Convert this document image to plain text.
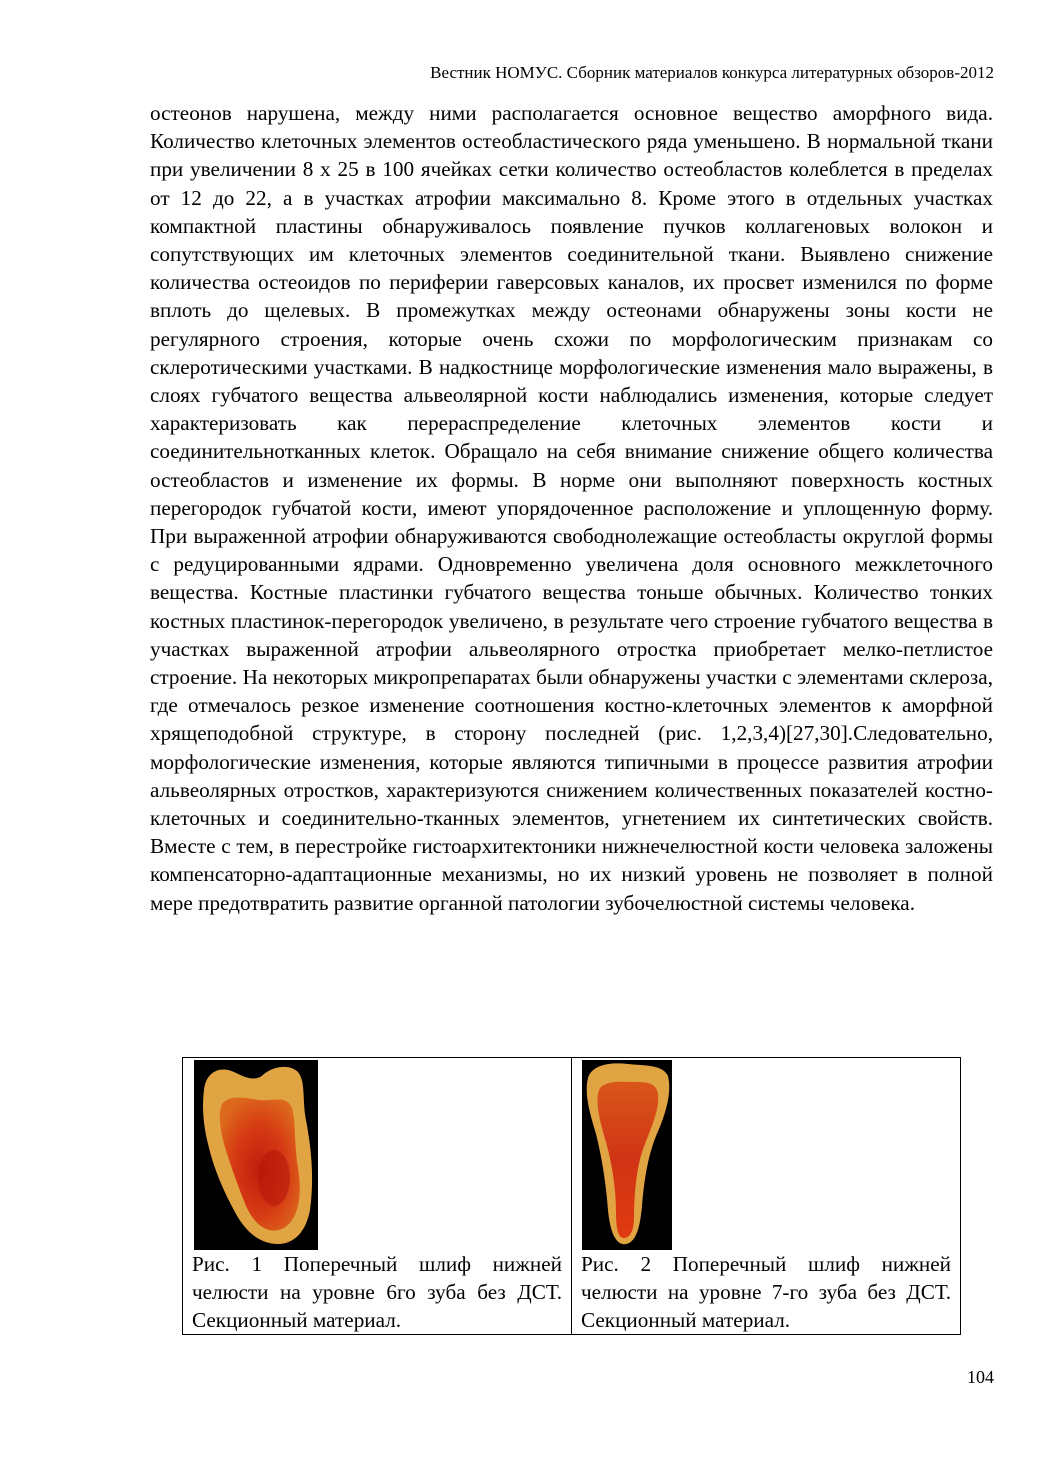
Вестник НОМУС. Сборник материалов конкурса литературных обзоров-2012

остеонов нарушена, между ними располагается основное вещество аморфного вида. Количество клеточных элементов остеобластического ряда уменьшено. В нормальной ткани при увеличении 8 х 25 в 100 ячейках сетки количество остеобластов колеблется в пределах от 12 до 22, а в участках атрофии максимально 8. Кроме этого в отдельных участках компактной пластины обнаруживалось появление пучков коллагеновых волокон и сопутствующих им клеточных элементов соединительной ткани. Выявлено снижение количества остеоидов по периферии гаверсовых каналов, их просвет изменился по форме вплоть до щелевых. В промежутках между остеонами обнаружены зоны кости не регулярного строения, которые очень схожи по морфологическим признакам со склеротическими участками. В надкостнице морфологические изменения мало выражены, в слоях губчатого вещества альвеолярной кости наблюдались изменения, которые следует характеризовать как перераспределение клеточных элементов кости и соединительнотканных клеток. Обращало на себя внимание снижение общего количества остеобластов и изменение их формы. В норме они выполняют поверхность костных перегородок губчатой кости, имеют упорядоченное расположение и уплощенную форму. При выраженной атрофии обнаруживаются свободнолежащие остеобласты округлой формы с редуцированными ядрами. Одновременно увеличена доля основного межклеточного вещества. Костные пластинки губчатого вещества тоньше обычных. Количество тонких костных пластинок-перегородок увеличено, в результате чего строение губчатого вещества в участках выраженной атрофии альвеолярного отростка приобретает мелко-петлистое строение. На некоторых микропрепаратах были обнаружены участки с элементами склероза, где отмечалось резкое изменение соотношения костно-клеточных элементов к аморфной хрящеподобной структуре, в сторону последней (рис. 1,2,3,4)[27,30].Следовательно, морфологические изменения, которые являются типичными в процессе развития атрофии альвеолярных отростков, характеризуются снижением количественных показателей костно-клеточных и соединительно-тканных элементов, угнетением их синтетических свойств. Вместе с тем, в перестройке гистоархитектоники нижнечелюстной кости человека заложены компенсаторно-адаптационные механизмы, но их низкий уровень не позволяет в полной мере предотвратить развитие органной патологии зубочелюстной системы человека.

Рис. 1 Поперечный шлиф нижней челюсти на уровне 6го зуба без ДСТ. Секционный материал.

Рис. 2 Поперечный шлиф нижней челюсти на уровне 7-го зуба без ДСТ. Секционный материал.

104
